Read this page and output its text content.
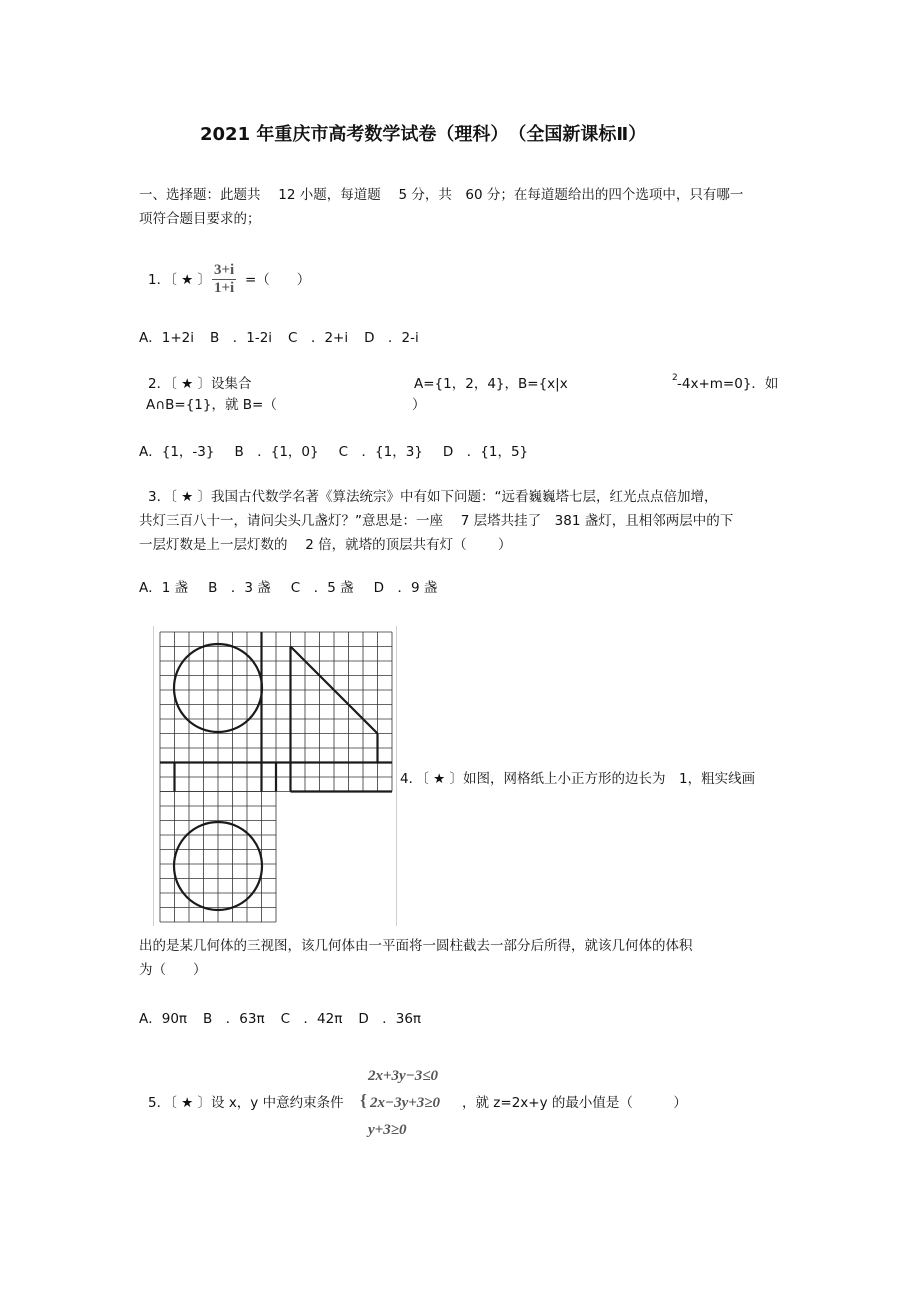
2021 年重庆市高考数学试卷（理科）　（全国新课标Ⅱ）
一、选择题：此题共　 12 小题，每道题　 5 分，共　60 分；在每道题给出的四个选项中，只有哪一
项符合题目要求的；
1．〔 ★ 〕 $\frac{3+i}{1+i}$ =（　　）
A．1+2i B　．1-2i C　．2+i D　．2-i
2．〔 ★ 〕设集合	A={1，2，4}，B={x|x	2 -4x+m=0}．如
A∩B={1}，就 B=（	）
A．{1，-3} B　．{1，0} C　．{1，3} D　．{1，5}
3．〔 ★ 〕我国古代数学名著《算法统宗》中有如下问题：“远看巍巍塔七层，红光点点倍加增，
共灯三百八十一，请问尖头几盏灯？”意思是：一座　 7 层塔共挂了　381 盏灯，且相邻两层中的下
一层灯数是上一层灯数的　 2 倍，就塔的顶层共有灯（　　 ）
A．1 盏 B　．3 盏 C　．5 盏 D　．9 盏
4．〔 ★ 〕如图，网格纸上小正方形的边长为　1，粗实线画
出的是某几何体的三视图，该几何体由一平面将一圆柱截去一部分后所得，就该几何体的体积
为（　　）
A．90π B　．63π C　．42π D　．36π
2x+3y−3≤0
5．〔 ★ 〕设 x，y 中意约束条件 { 2x−3y+3≥0 ，就 z=2x+y 的最小值是（　　　）
y+3≥0
